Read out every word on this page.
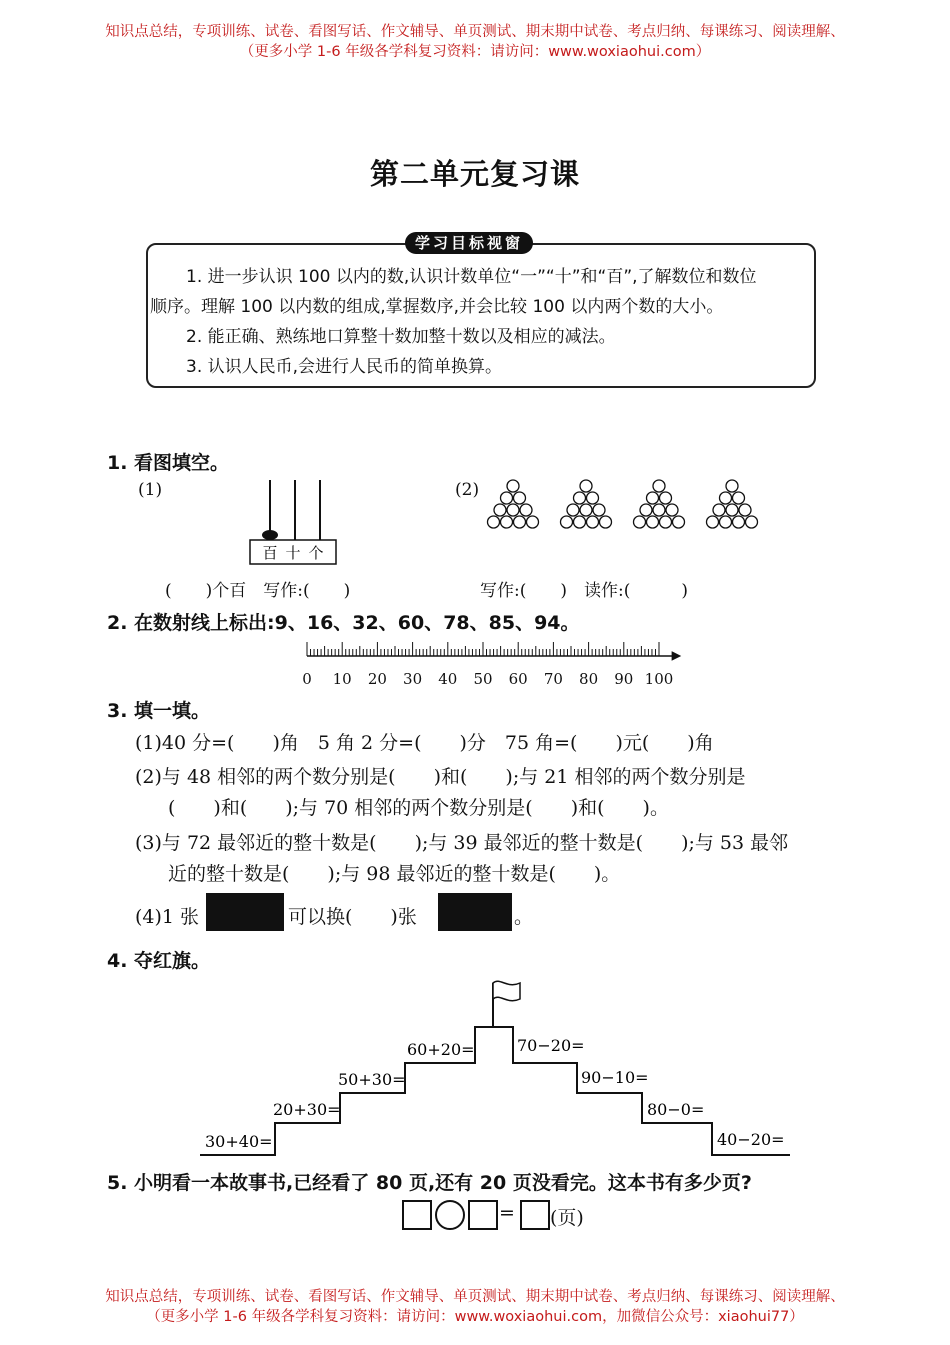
知识点总结，专项训练、试卷、看图写话、作文辅导、单页测试、期末期中试卷、考点归纳、每课练习、阅读理解、
（更多小学 1-6 年级各学科复习资料：请访问：www.woxiaohui.com）
第二单元复习课
学习目标视窗
1. 进一步认识 100 以内的数,认识计数单位“一”“十”和“百”,了解数位和数位
顺序。理解 100 以内数的组成,掌握数序,并会比较 100 以内两个数的大小。
2. 能正确、熟练地口算整十数加整十数以及相应的减法。
3. 认识人民币,会进行人民币的简单换算。
1. 看图填空。
(1)	(2)
百 十 个
(　　)个百　写作:(　　)	写作:(　　)　读作:(　　　)
2. 在数射线上标出:9、16、32、60、78、85、94。
0 10 20 30 40 50 60 70 80 90 100
3. 填一填。
(1)40 分=(　　)角　5 角 2 分=(　　)分　75 角=(　　)元(　　)角
(2)与 48 相邻的两个数分别是(　　)和(　　);与 21 相邻的两个数分别是
(　　)和(　　);与 70 相邻的两个数分别是(　　)和(　　)。
(3)与 72 最邻近的整十数是(　　);与 39 最邻近的整十数是(　　);与 53 最邻
近的整十数是(　　);与 98 最邻近的整十数是(　　)。
(4)1 张	可以换(　　)张	。
4. 夺红旗。
30+40=
20+30=
50+30=
60+20=	70−20=
90−10=
80−0=
40−20=
5. 小明看一本故事书,已经看了 80 页,还有 20 页没看完。这本书有多少页?
= (页)
知识点总结，专项训练、试卷、看图写话、作文辅导、单页测试、期末期中试卷、考点归纳、每课练习、阅读理解、
（更多小学 1-6 年级各学科复习资料：请访问：www.woxiaohui.com，加微信公众号：xiaohui77）
